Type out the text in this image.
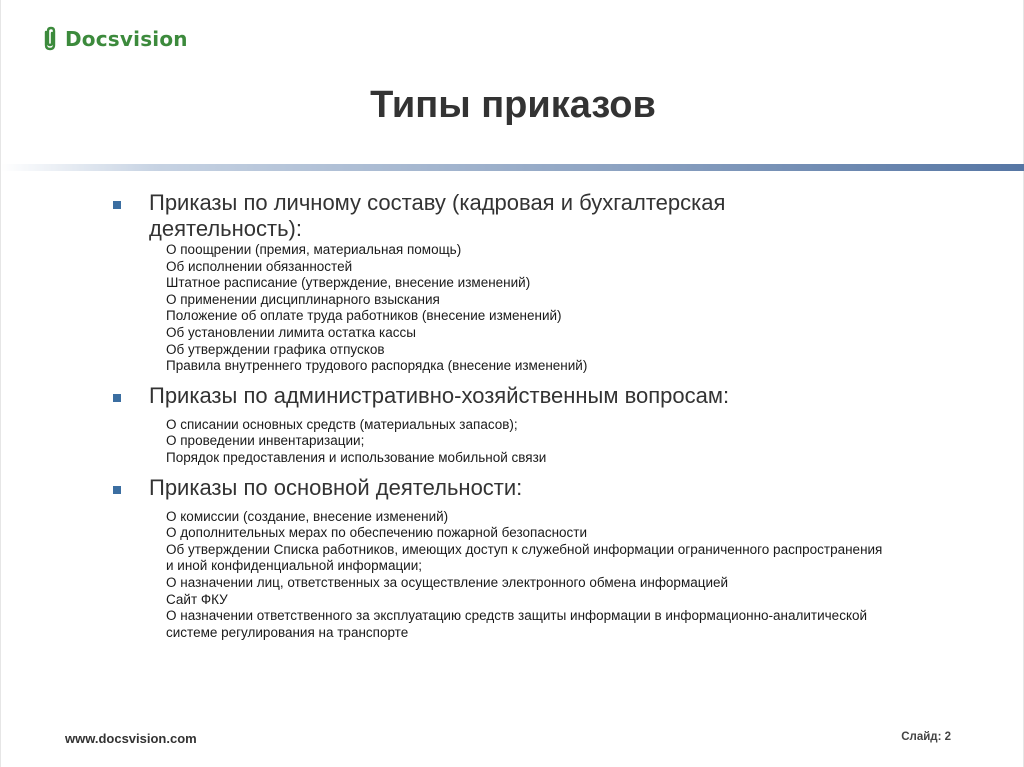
Docsvision
Типы приказов
Приказы по личному составу (кадровая и бухгалтерская деятельность):
О поощрении (премия, материальная помощь)
Об исполнении обязанностей
Штатное расписание (утверждение, внесение изменений)
О применении дисциплинарного взыскания
Положение об оплате труда работников (внесение изменений)
Об установлении лимита остатка кассы
Об утверждении графика отпусков
Правила внутреннего трудового распорядка (внесение изменений)
Приказы по административно-хозяйственным вопросам:
О списании основных средств (материальных запасов);
О проведении инвентаризации;
Порядок предоставления и использование мобильной связи
Приказы по основной деятельности:
О комиссии (создание, внесение изменений)
О дополнительных мерах по обеспечению пожарной безопасности
Об утверждении Списка работников, имеющих доступ к служебной информации ограниченного распространения и иной конфиденциальной информации;
О назначении лиц, ответственных за осуществление электронного обмена информацией
Сайт ФКУ
О назначении ответственного за эксплуатацию средств защиты информации в информационно-аналитической системе регулирования на транспорте
www.docsvision.com	Слайд: 2
